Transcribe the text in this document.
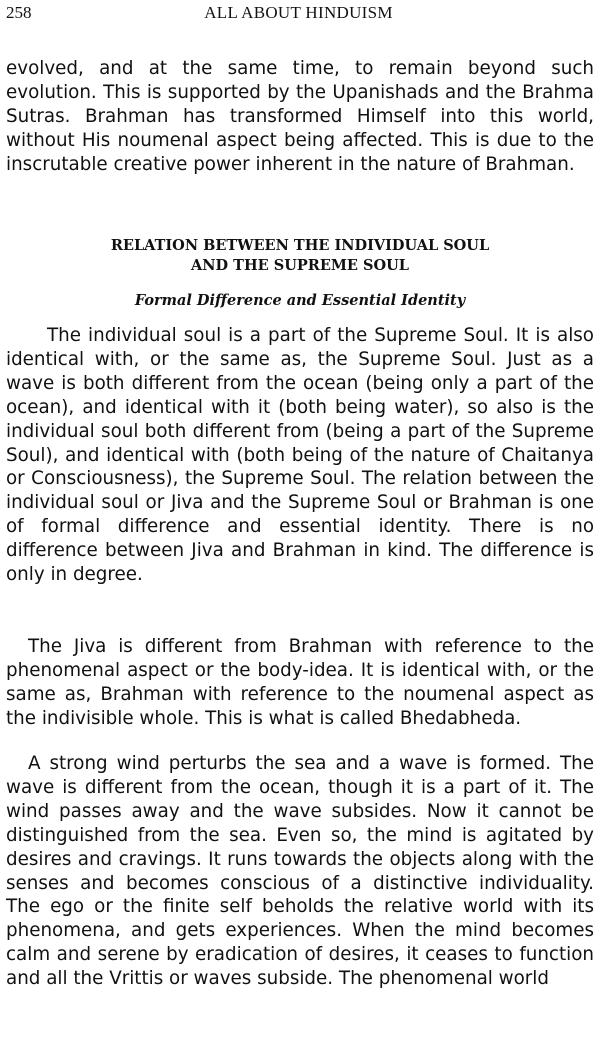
258	ALL ABOUT HINDUISM

evolved, and at the same time, to remain beyond such evolution. This is supported by the Upanishads and the Brahma Sutras. Brahman has transformed Himself into this world, without His noumenal aspect being affected. This is due to the inscrutable creative power inherent in the nature of Brahman.

RELATION BETWEEN THE INDIVIDUAL SOUL
AND THE SUPREME SOUL
Formal Difference and Essential Identity

The individual soul is a part of the Supreme Soul. It is also identical with, or the same as, the Supreme Soul. Just as a wave is both different from the ocean (being only a part of the ocean), and identical with it (both being water), so also is the individual soul both different from (being a part of the Supreme Soul), and identical with (both being of the nature of Chaitanya or Consciousness), the Supreme Soul. The relation between the individual soul or Jiva and the Supreme Soul or Brahman is one of formal difference and essential identity. There is no difference between Jiva and Brahman in kind. The difference is only in degree.

The Jiva is different from Brahman with reference to the phenomenal aspect or the body-idea. It is identical with, or the same as, Brahman with reference to the noumenal aspect as the indivisible whole. This is what is called Bhedabheda.

A strong wind perturbs the sea and a wave is formed. The wave is different from the ocean, though it is a part of it. The wind passes away and the wave subsides. Now it cannot be distinguished from the sea. Even so, the mind is agitated by desires and cravings. It runs towards the objects along with the senses and becomes conscious of a distinctive individuality. The ego or the finite self beholds the relative world with its phenomena, and gets experiences. When the mind becomes calm and serene by eradication of desires, it ceases to function and all the Vrittis or waves subside. The phenomenal world
